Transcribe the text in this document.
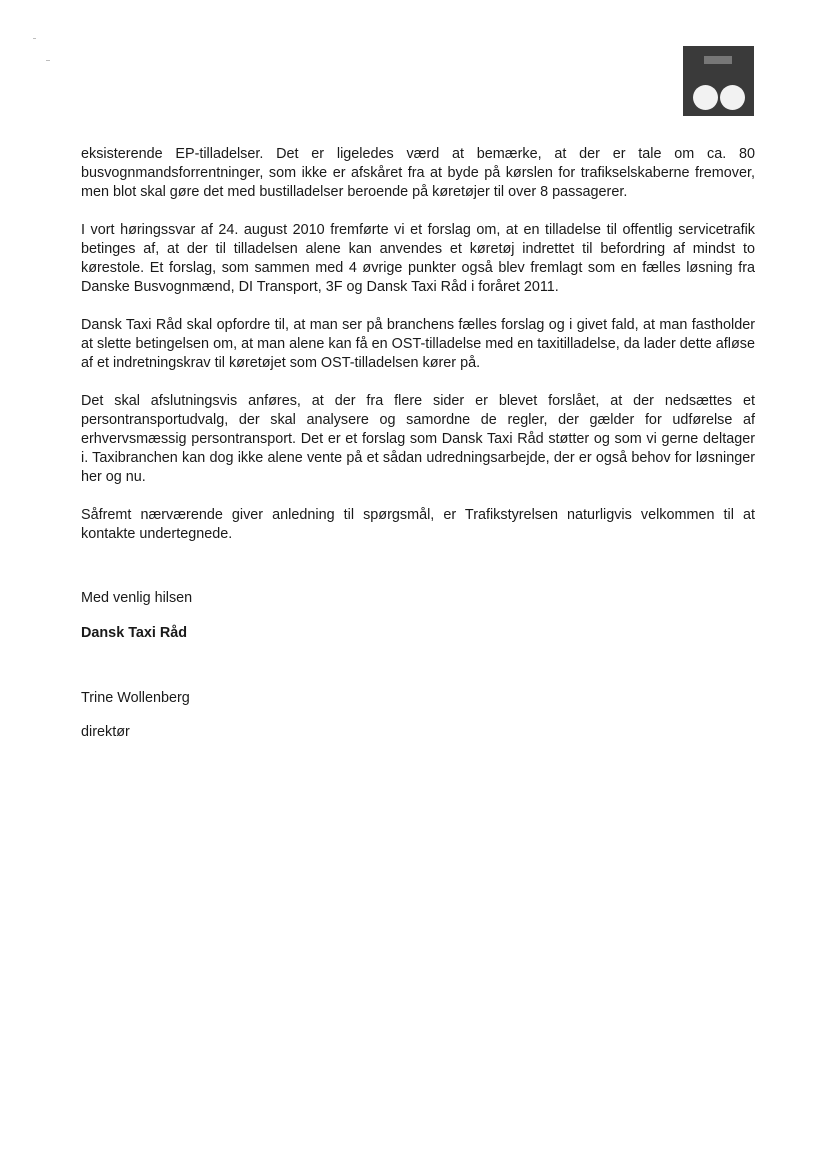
eksisterende EP-tilladelser. Det er ligeledes værd at bemærke, at der er tale om ca. 80 busvognmandsforrentninger, som ikke er afskåret fra at byde på kørslen for trafikselskaberne fremover, men blot skal gøre det med bustilladelser beroende på køretøjer til over 8 passagerer.

I vort høringssvar af 24. august 2010 fremførte vi et forslag om, at en tilladelse til offentlig servicetrafik betinges af, at der til tilladelsen alene kan anvendes et køretøj indrettet til befordring af mindst to kørestole. Et forslag, som sammen med 4 øvrige punkter også blev fremlagt som en fælles løsning fra Danske Busvognmænd, DI Transport, 3F og Dansk Taxi Råd i foråret 2011.

Dansk Taxi Råd skal opfordre til, at man ser på branchens fælles forslag og i givet fald, at man fastholder at slette betingelsen om, at man alene kan få en OST-tilladelse med en taxitilladelse, da lader dette afløse af et indretningskrav til køretøjet som OST-tilladelsen kører på.

Det skal afslutningsvis anføres, at der fra flere sider er blevet forslået, at der nedsættes et persontransportudvalg, der skal analysere og samordne de regler, der gælder for udførelse af erhvervsmæssig persontransport. Det er et forslag som Dansk Taxi Råd støtter og som vi gerne deltager i. Taxibranchen kan dog ikke alene vente på et sådan udredningsarbejde, der er også behov for løsninger her og nu.

Såfremt nærværende giver anledning til spørgsmål, er Trafikstyrelsen naturligvis velkommen til at kontakte undertegnede.

Med venlig hilsen
Dansk Taxi Råd
Trine Wollenberg
direktør
